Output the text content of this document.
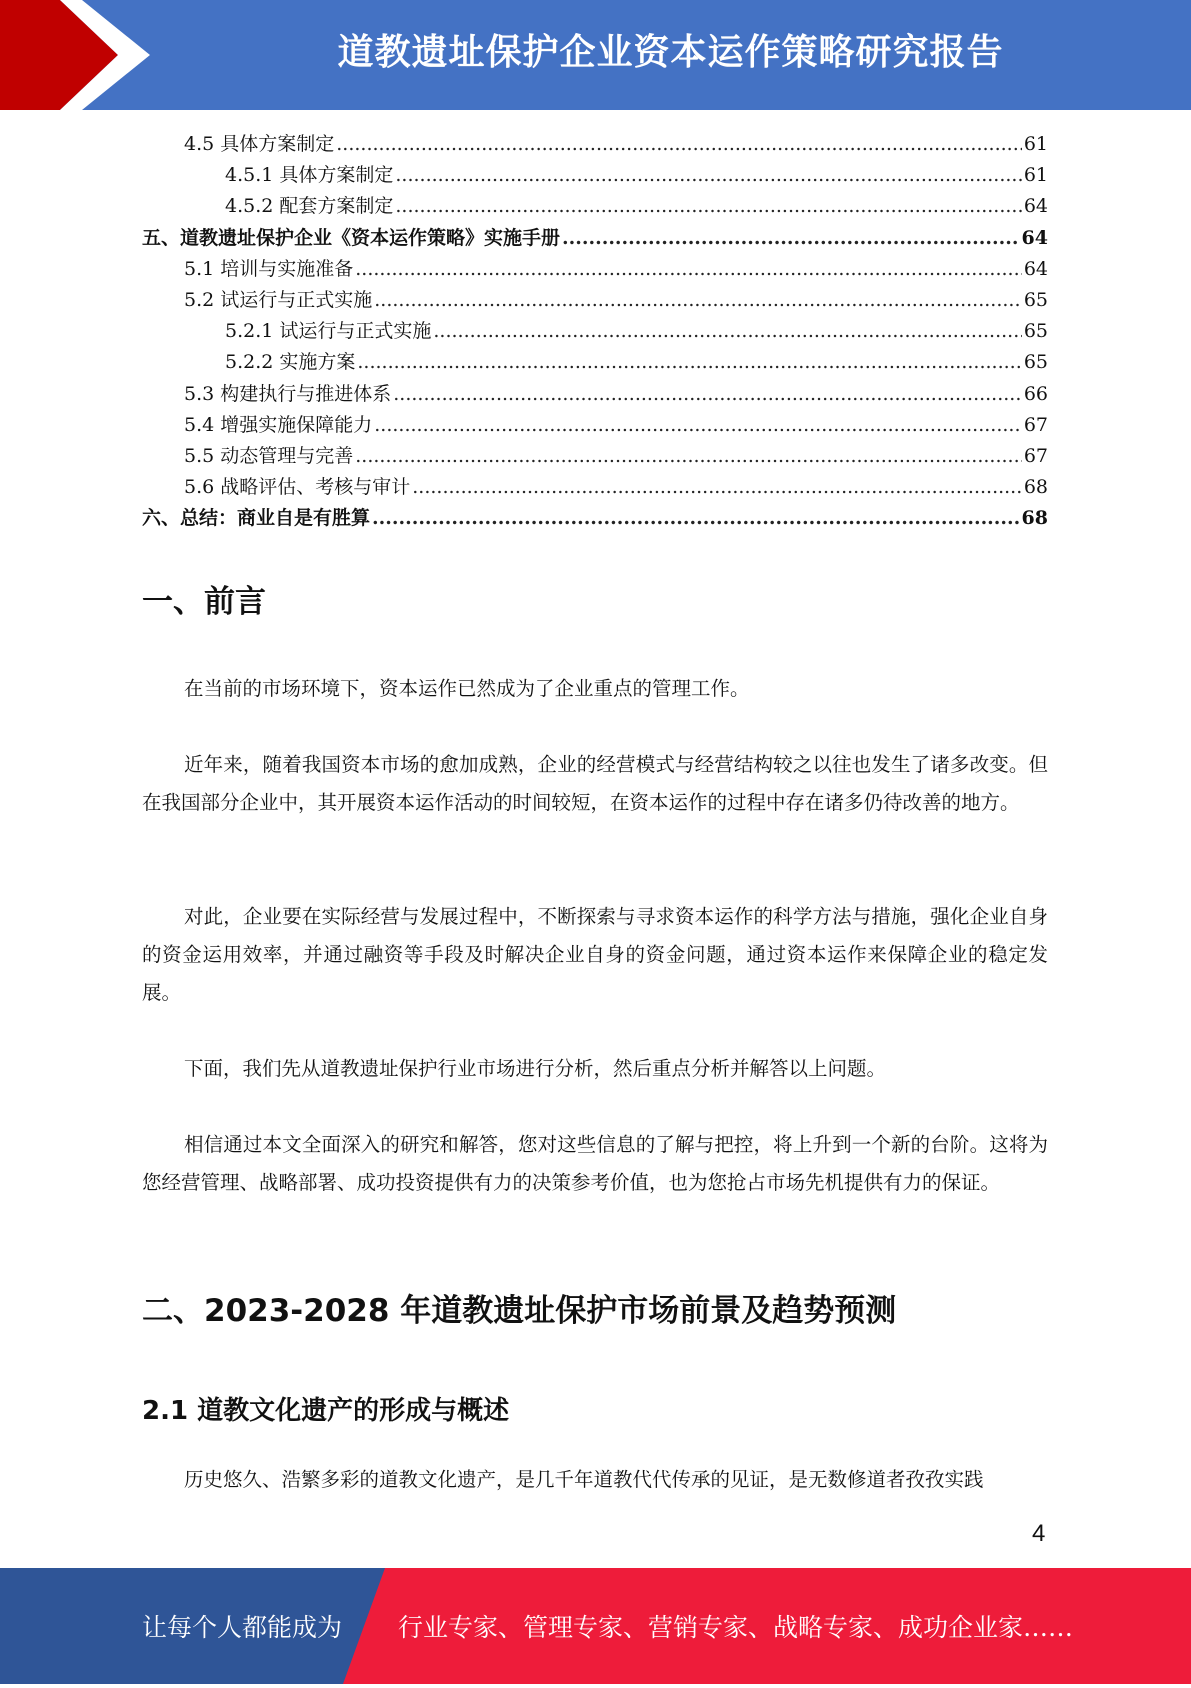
道教遗址保护企业资本运作策略研究报告
4.5 具体方案制定 .....	61
4.5.1 具体方案制定 .....	61
4.5.2 配套方案制定 .....	64
五、道教遗址保护企业《资本运作策略》实施手册 .....	64
5.1 培训与实施准备 .....	64
5.2 试运行与正式实施 .....	65
5.2.1 试运行与正式实施 .....	65
5.2.2 实施方案 .....	65
5.3 构建执行与推进体系 .....	66
5.4 增强实施保障能力 .....	67
5.5 动态管理与完善 .....	67
5.6 战略评估、考核与审计 .....	68
六、总结：商业自是有胜算 .....	68
一、前言

在当前的市场环境下，资本运作已然成为了企业重点的管理工作。

近年来，随着我国资本市场的愈加成熟，企业的经营模式与经营结构较之以往也发生了诸多改变。但在我国部分企业中，其开展资本运作活动的时间较短，在资本运作的过程中存在诸多仍待改善的地方。

对此，企业要在实际经营与发展过程中，不断探索与寻求资本运作的科学方法与措施，强化企业自身的资金运用效率，并通过融资等手段及时解决企业自身的资金问题，通过资本运作来保障企业的稳定发展。

下面，我们先从道教遗址保护行业市场进行分析，然后重点分析并解答以上问题。

相信通过本文全面深入的研究和解答，您对这些信息的了解与把控，将上升到一个新的台阶。这将为您经营管理、战略部署、成功投资提供有力的决策参考价值，也为您抢占市场先机提供有力的保证。

二、2023-2028 年道教遗址保护市场前景及趋势预测
2.1 道教文化遗产的形成与概述

历史悠久、浩繁多彩的道教文化遗产，是几千年道教代代传承的见证，是无数修道者孜孜实践

4
让每个人都能成为 行业专家、管理专家、营销专家、战略专家、成功企业家……
